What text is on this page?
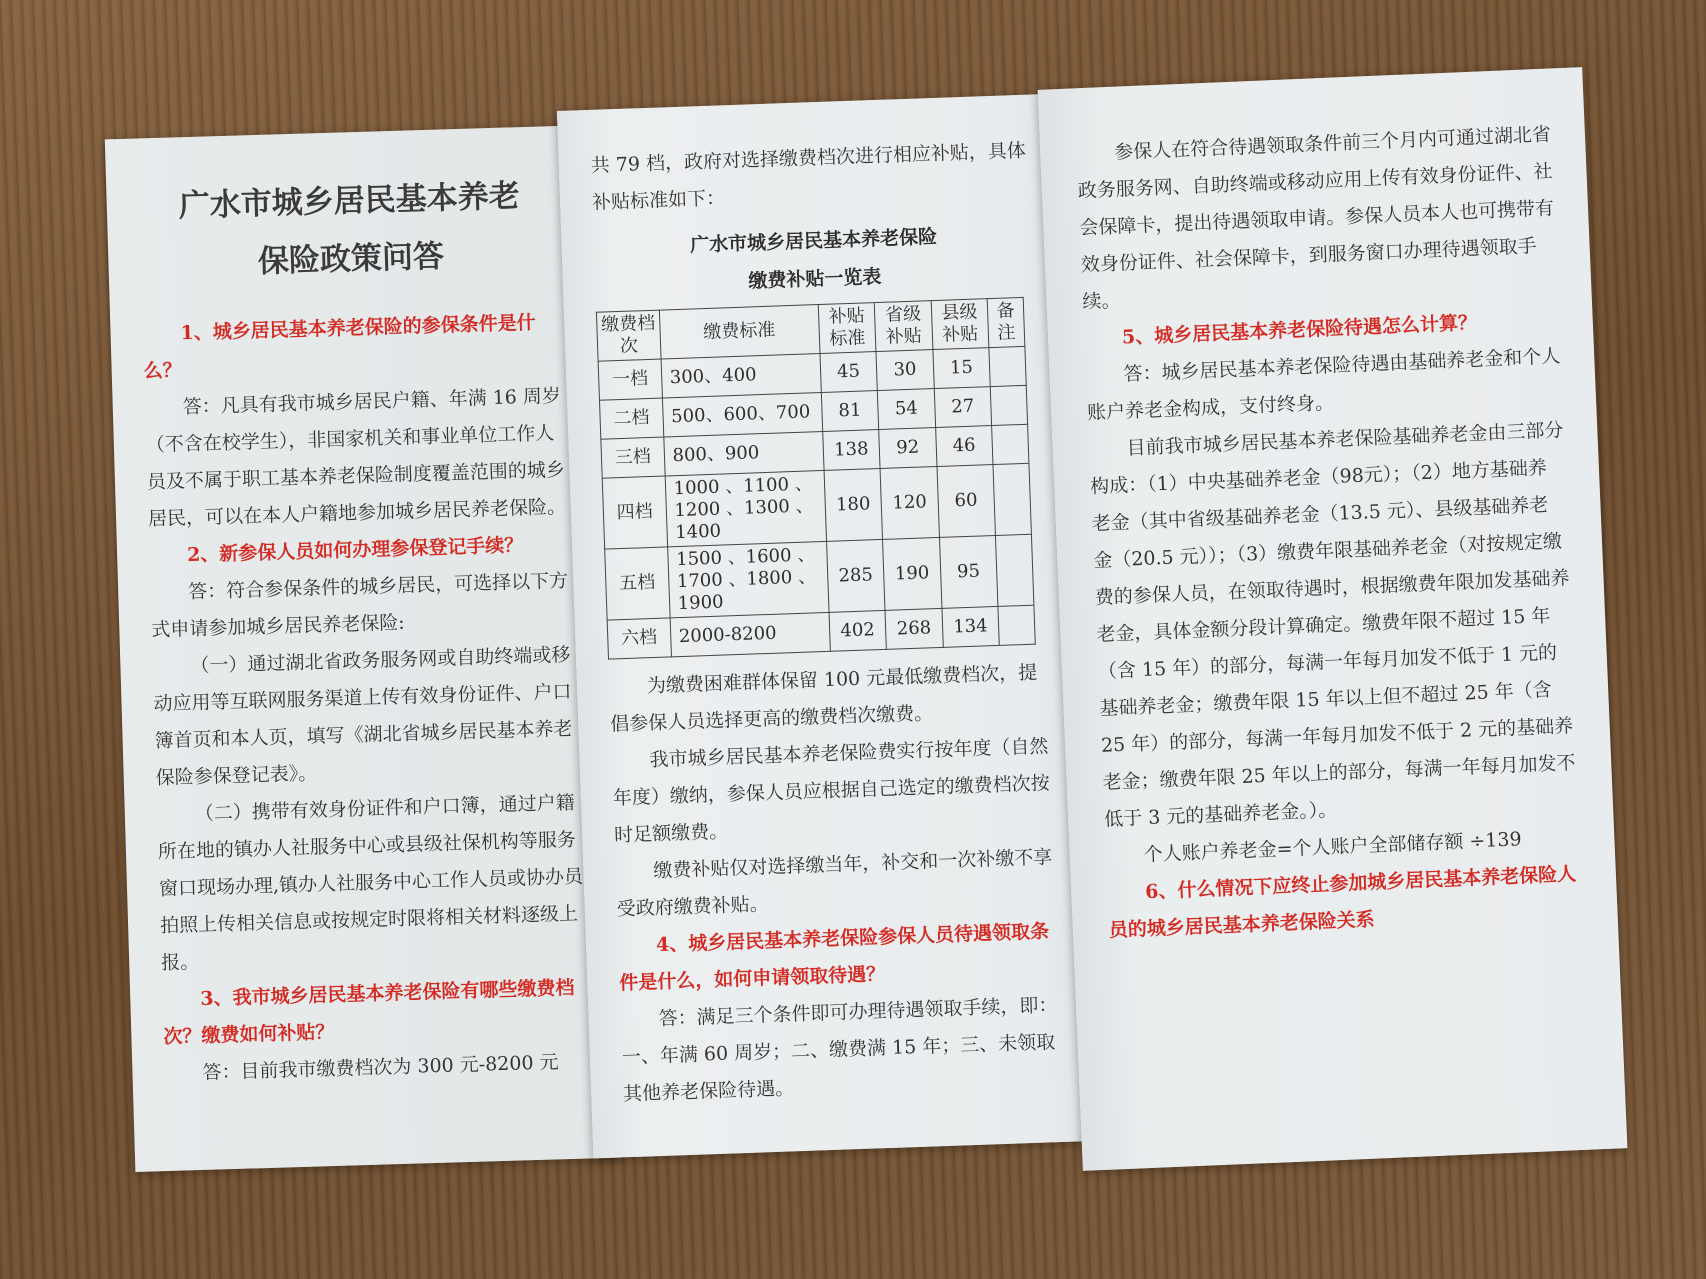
广水市城乡居民基本养老
保险政策问答

1、城乡居民基本养老保险的参保条件是什么？

答：凡具有我市城乡居民户籍、年满 16 周岁（不含在校学生），非国家机关和事业单位工作人员及不属于职工基本养老保险制度覆盖范围的城乡居民，可以在本人户籍地参加城乡居民养老保险。

2、新参保人员如何办理参保登记手续？

答：符合参保条件的城乡居民，可选择以下方式申请参加城乡居民养老保险:

（一）通过湖北省政务服务网或自助终端或移动应用等互联网服务渠道上传有效身份证件、户口簿首页和本人页，填写《湖北省城乡居民基本养老保险参保登记表》。

（二）携带有效身份证件和户口簿，通过户籍所在地的镇办人社服务中心或县级社保机构等服务窗口现场办理,镇办人社服务中心工作人员或协办员拍照上传相关信息或按规定时限将相关材料逐级上报。

3、我市城乡居民基本养老保险有哪些缴费档次？缴费如何补贴？

答：目前我市缴费档次为 300 元-8200 元

共 79 档，政府对选择缴费档次进行相应补贴，具体补贴标准如下：

广水市城乡居民基本养老保险
缴费补贴一览表
缴费档次	缴费标准	补贴标准	省级补贴	县级补贴	备注
一档	300、400	45	30	15	
二档	500、600、700	81	54	27	
三档	800、900	138	92	46	
四档	1000 、1100 、1200 、1300 、1400	180	120	60	
五档	1500 、1600 、1700 、1800 、1900	285	190	95	
六档	2000-8200	402	268	134	

为缴费困难群体保留 100 元最低缴费档次，提倡参保人员选择更高的缴费档次缴费。

我市城乡居民基本养老保险费实行按年度（自然年度）缴纳，参保人员应根据自己选定的缴费档次按时足额缴费。

缴费补贴仅对选择缴当年，补交和一次补缴不享受政府缴费补贴。

4、城乡居民基本养老保险参保人员待遇领取条件是什么，如何申请领取待遇？

答：满足三个条件即可办理待遇领取手续，即：一、年满 60 周岁；二、缴费满 15 年；三、未领取其他养老保险待遇。

参保人在符合待遇领取条件前三个月内可通过湖北省政务服务网、自助终端或移动应用上传有效身份证件、社会保障卡，提出待遇领取申请。参保人员本人也可携带有效身份证件、社会保障卡，到服务窗口办理待遇领取手续。

5、城乡居民基本养老保险待遇怎么计算？

答：城乡居民基本养老保险待遇由基础养老金和个人账户养老金构成，支付终身。

目前我市城乡居民基本养老保险基础养老金由三部分构成：（1）中央基础养老金（98元）；（2）地方基础养老金（其中省级基础养老金（13.5 元）、县级基础养老金（20.5 元））；（3）缴费年限基础养老金（对按规定缴费的参保人员，在领取待遇时，根据缴费年限加发基础养老金，具体金额分段计算确定。缴费年限不超过 15 年（含 15 年）的部分，每满一年每月加发不低于 1 元的基础养老金；缴费年限 15 年以上但不超过 25 年（含 25 年）的部分，每满一年每月加发不低于 2 元的基础养老金；缴费年限 25 年以上的部分，每满一年每月加发不低于 3 元的基础养老金。）。

个人账户养老金=个人账户全部储存额 ÷139

6、什么情况下应终止参加城乡居民基本养老保险人员的城乡居民基本养老保险关系
